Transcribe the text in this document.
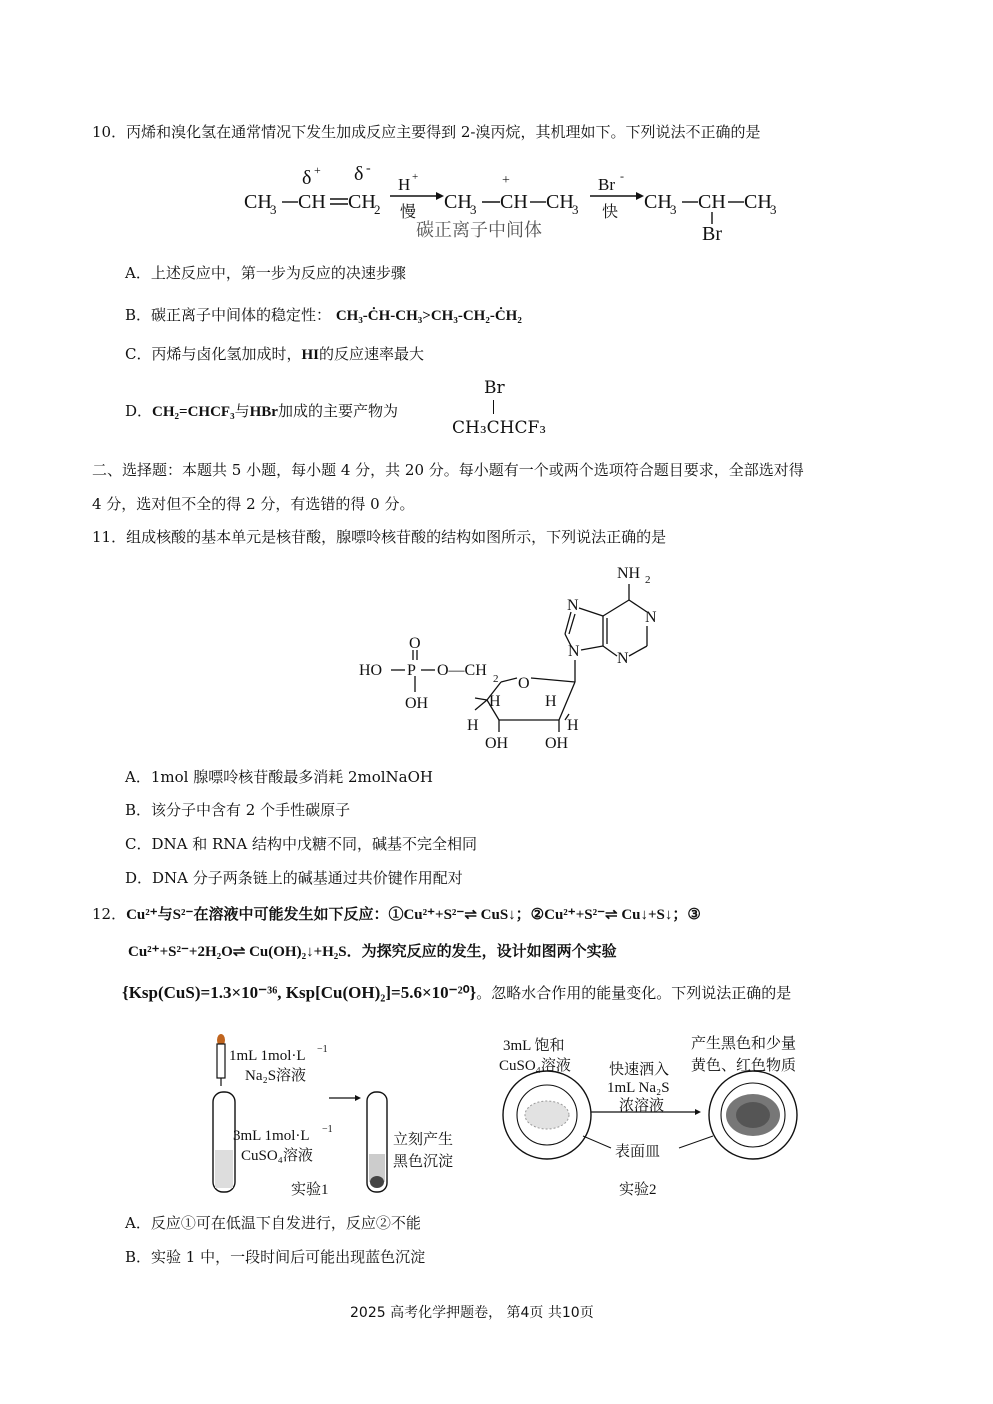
10．丙烯和溴化氢在通常情况下发生加成反应主要得到 2-溴丙烷，其机理如下。下列说法不正确的是
CH
3 CH
δ +
CH
2
δ -
H +
慢 CH
3 CH
+
CH
3
Br -
快 CH
3 CH
Br
CH
3
碳正离子中间体
A．上述反应中，第一步为反应的决速步骤
B．碳正离子中间体的稳定性： CH₃-ĊH-CH₃>CH₃-CH₂-ĊH₂
C．丙烯与卤化氢加成时，HI的反应速率最大
D．CH₂=CHCF₃与HBr加成的主要产物为
Br
CH₃CHCF₃
二、选择题：本题共 5 小题，每小题 4 分，共 20 分。每小题有一个或两个选项符合题目要求，全部选对得
4 分，选对但不全的得 2 分，有选错的得 0 分。
11．组成核酸的基本单元是核苷酸，腺嘌呤核苷酸的结构如图所示，下列说法正确的是
NH 2
N
N
N
N
O
HO P
OH
O—CH 2 O
H
H	H
H
OH OH
A．1mol 腺嘌呤核苷酸最多消耗 2molNaOH
B．该分子中含有 2 个手性碳原子
C．DNA 和 RNA 结构中戊糖不同，碱基不完全相同
D．DNA 分子两条链上的碱基通过共价键作用配对
12．Cu²⁺与S²⁻在溶液中可能发生如下反应：①Cu²⁺+S²⁻⇌ CuS↓；②Cu²⁺+S²⁻⇌ Cu↓+S↓；③
Cu²⁺+S²⁻+2H₂O⇌ Cu(OH)₂↓+H₂S．为探究反应的发生，设计如图两个实验
{Ksp(CuS)=1.3×10⁻³⁶, Ksp[Cu(OH)₂]=5.6×10⁻²⁰}。忽略水合作用的能量变化。下列说法正确的是
1mL 1mol·L −1
Na₂S溶液
3mL 1mol·L −1
CuSO₄溶液
立刻产生
黑色沉淀
实验1
3mL 饱和
CuSO₄溶液	快速洒入
1mL Na₂S
浓溶液
产生黑色和少量
黄色、红色物质
表面皿
实验2
A．反应①可在低温下自发进行，反应②不能
B．实验 1 中，一段时间后可能出现蓝色沉淀
2025 高考化学押题卷， 第4页 共10页
